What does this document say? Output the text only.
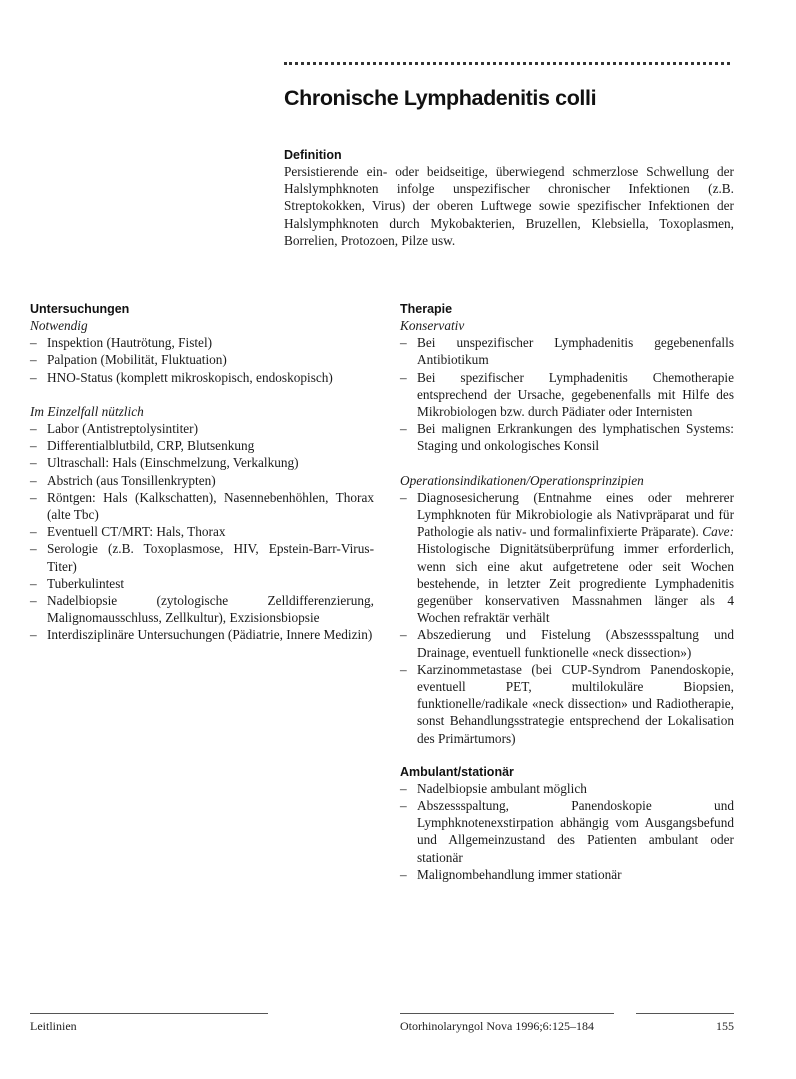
Chronische Lymphadenitis colli
Definition

Persistierende ein- oder beidseitige, überwiegend schmerzlose Schwellung der Halslymphknoten infolge unspezifischer chronischer Infektionen (z.B. Streptokokken, Virus) der oberen Luftwege sowie spezifischer Infektionen der Halslymphknoten durch Mykobakterien, Bruzellen, Klebsiella, Toxoplasmen, Borrelien, Protozoen, Pilze usw.

Untersuchungen

Notwendig

– Inspektion (Hautrötung, Fistel)
– Palpation (Mobilität, Fluktuation)
– HNO-Status (komplett mikroskopisch, endoskopisch)

Im Einzelfall nützlich

– Labor (Antistreptolysintiter)
– Differentialblutbild, CRP, Blutsenkung
– Ultraschall: Hals (Einschmelzung, Verkalkung)
– Abstrich (aus Tonsillenkrypten)
– Röntgen: Hals (Kalkschatten), Nasennebenhöhlen, Thorax (alte Tbc)
– Eventuell CT/MRT: Hals, Thorax
– Serologie (z.B. Toxoplasmose, HIV, Epstein-Barr-Virus-Titer)
– Tuberkulintest
– Nadelbiopsie (zytologische Zelldifferenzierung, Malignomausschluss, Zellkultur), Exzisionsbiopsie
– Interdisziplinäre Untersuchungen (Pädiatrie, Innere Medizin)
Therapie

Konservativ

– Bei unspezifischer Lymphadenitis gegebenenfalls Antibiotikum
– Bei spezifischer Lymphadenitis Chemotherapie entsprechend der Ursache, gegebenenfalls mit Hilfe des Mikrobiologen bzw. durch Pädiater oder Internisten
– Bei malignen Erkrankungen des lymphatischen Systems: Staging und onkologisches Konsil

Operationsindikationen/Operationsprinzipien

– Diagnosesicherung (Entnahme eines oder mehrerer Lymphknoten für Mikrobiologie als Nativpräparat und für Pathologie als nativ- und formalinfixierte Präparate). Cave: Histologische Dignitätsüberprüfung immer erforderlich, wenn sich eine akut aufgetretene oder seit Wochen bestehende, in letzter Zeit progrediente Lymphadenitis gegenüber konservativen Massnahmen länger als 4 Wochen refraktär verhält
– Abszedierung und Fistelung (Abszessspaltung und Drainage, eventuell funktionelle «neck dissection»)
– Karzinommetastase (bei CUP-Syndrom Panendoskopie, eventuell PET, multilokuläre Biopsien, funktionelle/radikale «neck dissection» und Radiotherapie, sonst Behandlungsstrategie entsprechend der Lokalisation des Primärtumors)
Ambulant/stationär
– Nadelbiopsie ambulant möglich
– Abszessspaltung, Panendoskopie und Lymphknotenexstirpation abhängig vom Ausgangsbefund und Allgemeinzustand des Patienten ambulant oder stationär
– Malignombehandlung immer stationär
Leitlinien	Otorhinolaryngol Nova 1996;6:125–184	155
